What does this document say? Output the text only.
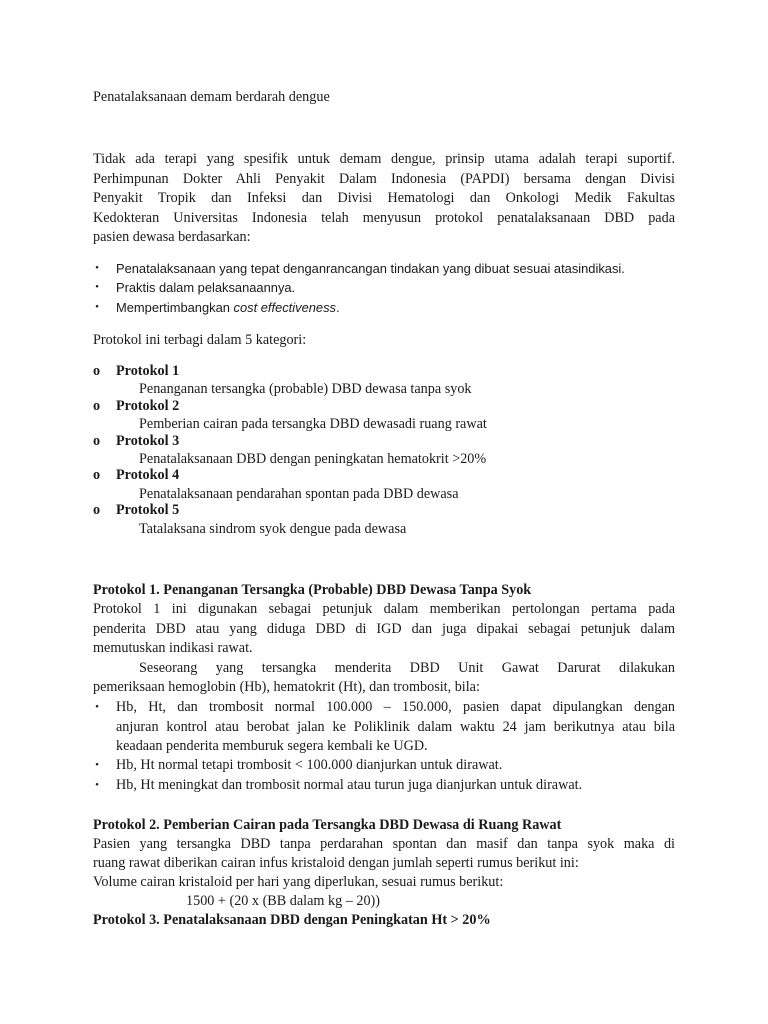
Penatalaksanaan demam berdarah dengue
Tidak ada terapi yang spesifik untuk demam dengue, prinsip utama adalah terapi suportif.
Perhimpunan Dokter Ahli Penyakit Dalam Indonesia (PAPDI) bersama dengan Divisi
Penyakit Tropik dan Infeksi dan Divisi Hematologi dan Onkologi Medik Fakultas
Kedokteran Universitas Indonesia telah menyusun protokol penatalaksanaan DBD pada
pasien dewasa berdasarkan:
• Penatalaksanaan yang tepat denganrancangan tindakan yang dibuat sesuai atasindikasi.
• Praktis dalam pelaksanaannya.
• Mempertimbangkan cost effectiveness.
Protokol ini terbagi dalam 5 kategori:
o Protokol 1
Penanganan tersangka (probable) DBD dewasa tanpa syok
o Protokol 2
Pemberian cairan pada tersangka DBD dewasadi ruang rawat
o Protokol 3
Penatalaksanaan DBD dengan peningkatan hematokrit >20%
o Protokol 4
Penatalaksanaan pendarahan spontan pada DBD dewasa
o Protokol 5
Tatalaksana sindrom syok dengue pada dewasa
Protokol 1. Penanganan Tersangka (Probable) DBD Dewasa Tanpa Syok
Protokol 1 ini digunakan sebagai petunjuk dalam memberikan pertolongan pertama pada
penderita DBD atau yang diduga DBD di IGD dan juga dipakai sebagai petunjuk dalam
memutuskan indikasi rawat.
Seseorang yang tersangka menderita DBD Unit Gawat Darurat dilakukan
pemeriksaan hemoglobin (Hb), hematokrit (Ht), dan trombosit, bila:
• Hb, Ht, dan trombosit normal 100.000 – 150.000, pasien dapat dipulangkan dengan
anjuran kontrol atau berobat jalan ke Poliklinik dalam waktu 24 jam berikutnya atau bila
keadaan penderita memburuk segera kembali ke UGD.
• Hb, Ht normal tetapi trombosit < 100.000 dianjurkan untuk dirawat.
• Hb, Ht meningkat dan trombosit normal atau turun juga dianjurkan untuk dirawat.
Protokol 2. Pemberian Cairan pada Tersangka DBD Dewasa di Ruang Rawat
Pasien yang tersangka DBD tanpa perdarahan spontan dan masif dan tanpa syok maka di
ruang rawat diberikan cairan infus kristaloid dengan jumlah seperti rumus berikut ini:
Volume cairan kristaloid per hari yang diperlukan, sesuai rumus berikut:
1500 + (20 x (BB dalam kg – 20))
Protokol 3. Penatalaksanaan DBD dengan Peningkatan Ht > 20%
